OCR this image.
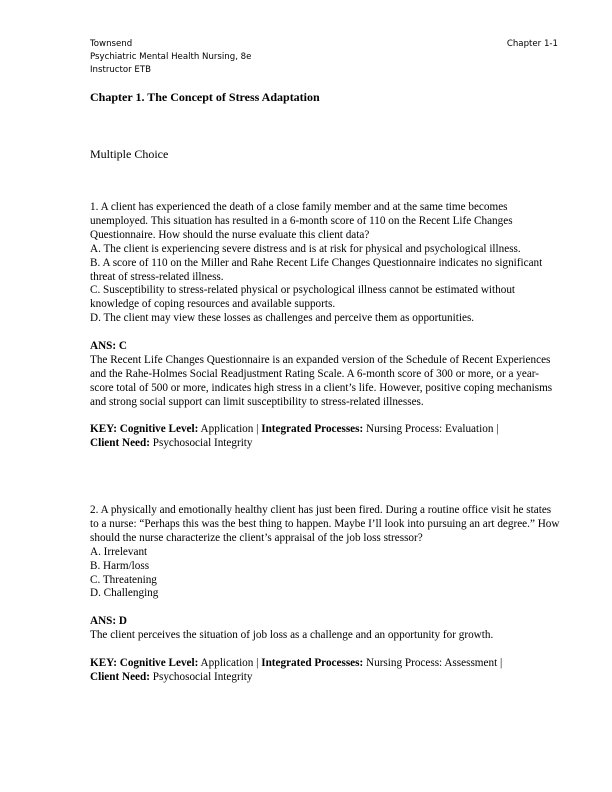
Townsend
Psychiatric Mental Health Nursing, 8e
Instructor ETB
Chapter 1-1
Chapter 1. The Concept of Stress Adaptation
Multiple Choice

1. A client has experienced the death of a close family member and at the same time becomes unemployed. This situation has resulted in a 6-month score of 110 on the Recent Life Changes Questionnaire. How should the nurse evaluate this client data?

A. The client is experiencing severe distress and is at risk for physical and psychological illness.

B. A score of 110 on the Miller and Rahe Recent Life Changes Questionnaire indicates no significant threat of stress-related illness.

C. Susceptibility to stress-related physical or psychological illness cannot be estimated without knowledge of coping resources and available supports.

D. The client may view these losses as challenges and perceive them as opportunities.

ANS: C

The Recent Life Changes Questionnaire is an expanded version of the Schedule of Recent Experiences and the Rahe-Holmes Social Readjustment Rating Scale. A 6-month score of 300 or more, or a year-score total of 500 or more, indicates high stress in a client’s life. However, positive coping mechanisms and strong social support can limit susceptibility to stress-related illnesses.

KEY: Cognitive Level: Application | Integrated Processes: Nursing Process: Evaluation |
Client Need: Psychosocial Integrity

2. A physically and emotionally healthy client has just been fired. During a routine office visit he states to a nurse: “Perhaps this was the best thing to happen. Maybe I’ll look into pursuing an art degree.” How should the nurse characterize the client’s appraisal of the job loss stressor?

A. Irrelevant

B. Harm/loss

C. Threatening

D. Challenging

ANS: D

The client perceives the situation of job loss as a challenge and an opportunity for growth.

KEY: Cognitive Level: Application | Integrated Processes: Nursing Process: Assessment |
Client Need: Psychosocial Integrity
